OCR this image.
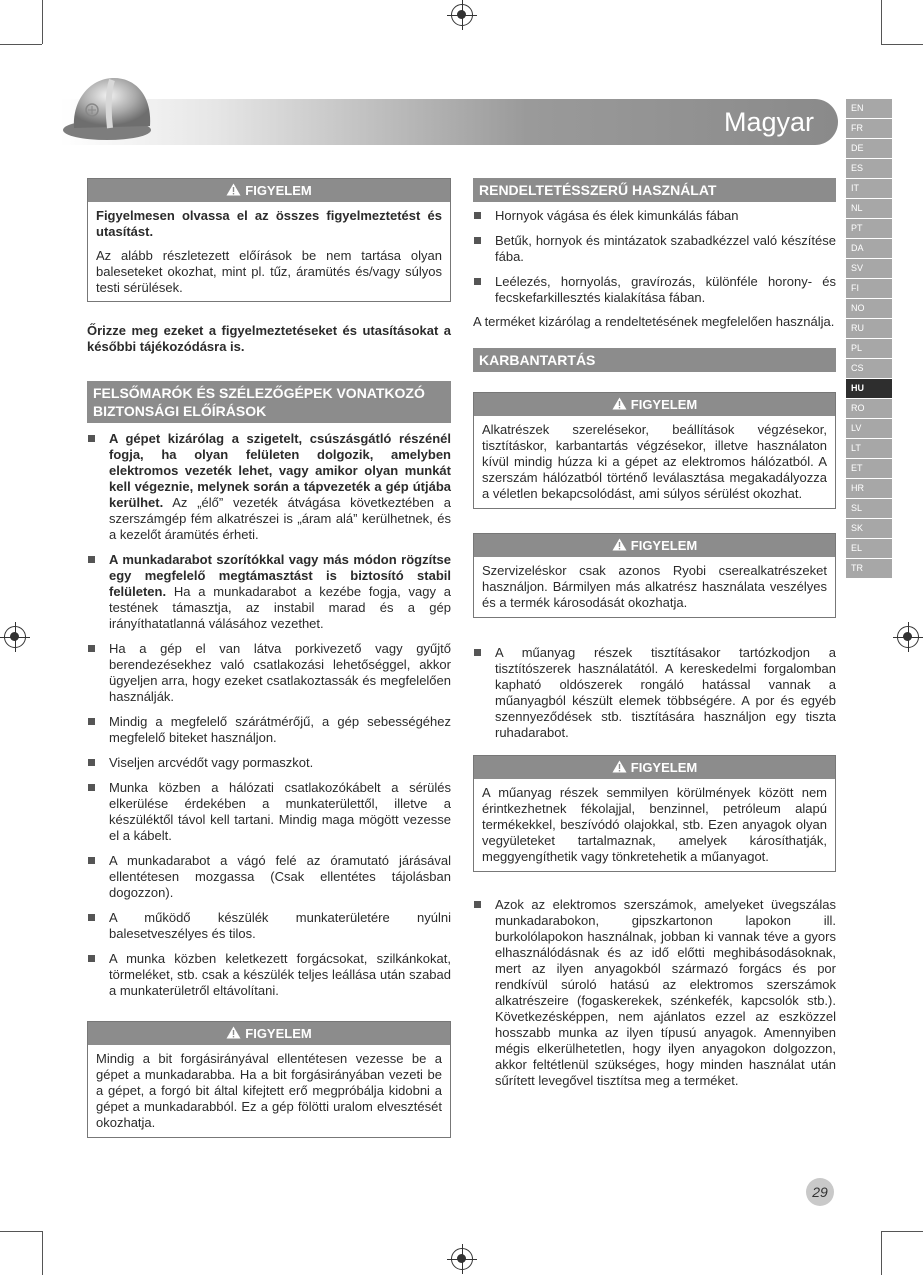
Magyar	EN
FR
DE
ES
IT
NL
PT
DA
SV
FI
NO
RU
PL
CS
HU
RO
LV
LT
ET
HR
SL
SK
EL
TR
FIGYELEM

Figyelmesen olvassa el az összes figyelmeztetést és utasítást.

Az alább részletezett előírások be nem tartása olyan baleseteket okozhat, mint pl. tűz, áramütés és/vagy súlyos testi sérülések.

Őrizze meg ezeket a figyelmeztetéseket és utasításokat a későbbi tájékozódásra is.

FELSŐMARÓK ÉS SZÉLEZŐGÉPEK VONATKOZÓ BIZTONSÁGI ELŐÍRÁSOK
A gépet kizárólag a szigetelt, csúszásgátló részénél fogja, ha olyan felületen dolgozik, amelyben elektromos vezeték lehet, vagy amikor olyan munkát kell végeznie, melynek során a tápvezeték a gép útjába kerülhet. Az „élő” vezeték átvágása következtében a szerszámgép fém alkatrészei is „áram alá” kerülhetnek, és a kezelőt áramütés érheti.
A munkadarabot szorítókkal vagy más módon rögzítse egy megfelelő megtámasztást is biztosító stabil felületen. Ha a munkadarabot a kezébe fogja, vagy a testének támasztja, az instabil marad és a gép irányíthatatlanná válásához vezethet.
Ha a gép el van látva porkivezető vagy gyűjtő berendezésekhez való csatlakozási lehetőséggel, akkor ügyeljen arra, hogy ezeket csatlakoztassák és megfelelően használják.
Mindig a megfelelő szárátmérőjű, a gép sebességéhez megfelelő biteket használjon.
Viseljen arcvédőt vagy pormaszkot.
Munka közben a hálózati csatlakozókábelt a sérülés elkerülése érdekében a munkaterülettől, illetve a készüléktől távol kell tartani. Mindig maga mögött vezesse el a kábelt.
A munkadarabot a vágó felé az óramutató járásával ellentétesen mozgassa (Csak ellentétes tájolásban dogozzon).
A működő készülék munkaterületére nyúlni balesetveszélyes és tilos.
A munka közben keletkezett forgácsokat, szilkánkokat, törmeléket, stb. csak a készülék teljes leállása után szabad a munkaterületről eltávolítani.
FIGYELEM
Mindig a bit forgásirányával ellentétesen vezesse be a gépet a munkadarabba. Ha a bit forgásirányában vezeti be a gépet, a forgó bit által kifejtett erő megpróbálja kidobni a gépet a munkadarabból. Ez a gép fölötti uralom elvesztését okozhatja.
RENDELTETÉSSZERŰ HASZNÁLAT
Hornyok vágása és élek kimunkálás fában
Betűk, hornyok és mintázatok szabadkézzel való készítése fába.
Leélezés, hornyolás, gravírozás, különféle horony- és fecskefarkillesztés kialakítása fában.

A terméket kizárólag a rendeltetésének megfelelően használja.

KARBANTARTÁS
FIGYELEM
Alkatrészek szerelésekor, beállítások végzésekor, tisztításkor, karbantartás végzésekor, illetve használaton kívül mindig húzza ki a gépet az elektromos hálózatból. A szerszám hálózatból történő leválasztása megakadályozza a véletlen bekapcsolódást, ami súlyos sérülést okozhat.
FIGYELEM
Szervizeléskor csak azonos Ryobi cserealkatrészeket használjon. Bármilyen más alkatrész használata veszélyes és a termék károsodását okozhatja.
A műanyag részek tisztításakor tartózkodjon a tisztítószerek használatától. A kereskedelmi forgalomban kapható oldószerek rongáló hatással vannak a műanyagból készült elemek többségére. A por és egyéb szennyeződések stb. tisztítására használjon egy tiszta ruhadarabot.
FIGYELEM
A műanyag részek semmilyen körülmények között nem érintkezhetnek fékolajjal, benzinnel, petróleum alapú termékekkel, beszívódó olajokkal, stb. Ezen anyagok olyan vegyületeket tartalmaznak, amelyek károsíthatják, meggyengíthetik vagy tönkretehetik a műanyagot.
Azok az elektromos szerszámok, amelyeket üvegszálas munkadarabokon, gipszkartonon lapokon ill. burkolólapokon használnak, jobban ki vannak téve a gyors elhasználódásnak és az idő előtti meghibásodásoknak, mert az ilyen anyagokból származó forgács és por rendkívül súroló hatású az elektromos szerszámok alkatrészeire (fogaskerekek, szénkefék, kapcsolók stb.). Következésképpen, nem ajánlatos ezzel az eszközzel hosszabb munka az ilyen típusú anyagok. Amennyiben mégis elkerülhetetlen, hogy ilyen anyagokon dolgozzon, akkor feltétlenül szükséges, hogy minden használat után sűrített levegővel tisztítsa meg a terméket.
29
